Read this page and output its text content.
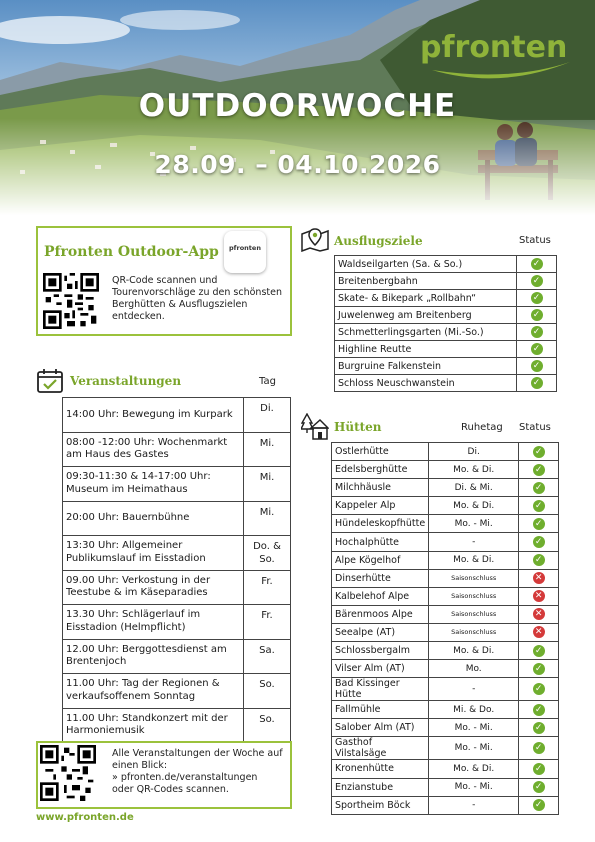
pfronten
OUTDOORWOCHE
28.09. – 04.10.2026
Pfronten Outdoor-App	pfronten
QR-Code scannen und Tourenvorschläge zu den schönsten Berghütten & Ausflugszielen entdecken.
Veranstaltungen	Tag
14:00 Uhr: Bewegung im Kurpark	Di.
08:00 -12:00 Uhr: Wochenmarkt am Haus des Gastes	Mi.
09:30-11:30 & 14-17:00 Uhr: Museum im Heimathaus	Mi.
20:00 Uhr: Bauernbühne	Mi.
13:30 Uhr: Allgemeiner Publikumslauf im Eisstadion	Do. & So.
09.00 Uhr: Verkostung in der Teestube & im Käseparadies	Fr.
13.30 Uhr: Schlägerlauf im Eisstadion (Helmpflicht)	Fr.
12.00 Uhr: Berggottesdienst am Brentenjoch	Sa.
11.00 Uhr: Tag der Regionen & verkaufsoffenem Sonntag	So.
11.00 Uhr: Standkonzert mit der Harmoniemusik	So.
Alle Veranstaltungen der Woche auf einen Blick:
» pfronten.de/veranstaltungen
oder QR-Codes scannen.
www.pfronten.de
Ausflugsziele	Status
Waldseilgarten (Sa. & So.)	✓
Breitenbergbahn	✓
Skate- & Bikepark „Rollbahn“	✓
Juwelenweg am Breitenberg	✓
Schmetterlingsgarten (Mi.-So.)	✓
Highline Reutte	✓
Burgruine Falkenstein	✓
Schloss Neuschwanstein	✓
Hütten	Ruhetag Status
Ostlerhütte	Di.	✓
Edelsberghütte	Mo. & Di.	✓
Milchhäusle	Di. & Mi.	✓
Kappeler Alp	Mo. & Di.	✓
Hündeleskopfhütte	Mo. - Mi.	✓
Hochalphütte	-	✓
Alpe Kögelhof	Mo. & Di.	✓
Dinserhütte	Saisonschluss	✕
Kalbelehof Alpe	Saisonschluss	✕
Bärenmoos Alpe	Saisonschluss	✕
Seealpe (AT)	Saisonschluss	✕
Schlossbergalm	Mo. & Di.	✓
Vilser Alm (AT)	Mo.	✓
Bad Kissinger Hütte	-	✓
Fallmühle	Mi. & Do.	✓
Salober Alm (AT)	Mo. - Mi.	✓
Gasthof Vilstalsäge	Mo. - Mi.	✓
Kronenhütte	Mo. & Di.	✓
Enzianstube	Mo. - Mi.	✓
Sportheim Böck	-	✓
